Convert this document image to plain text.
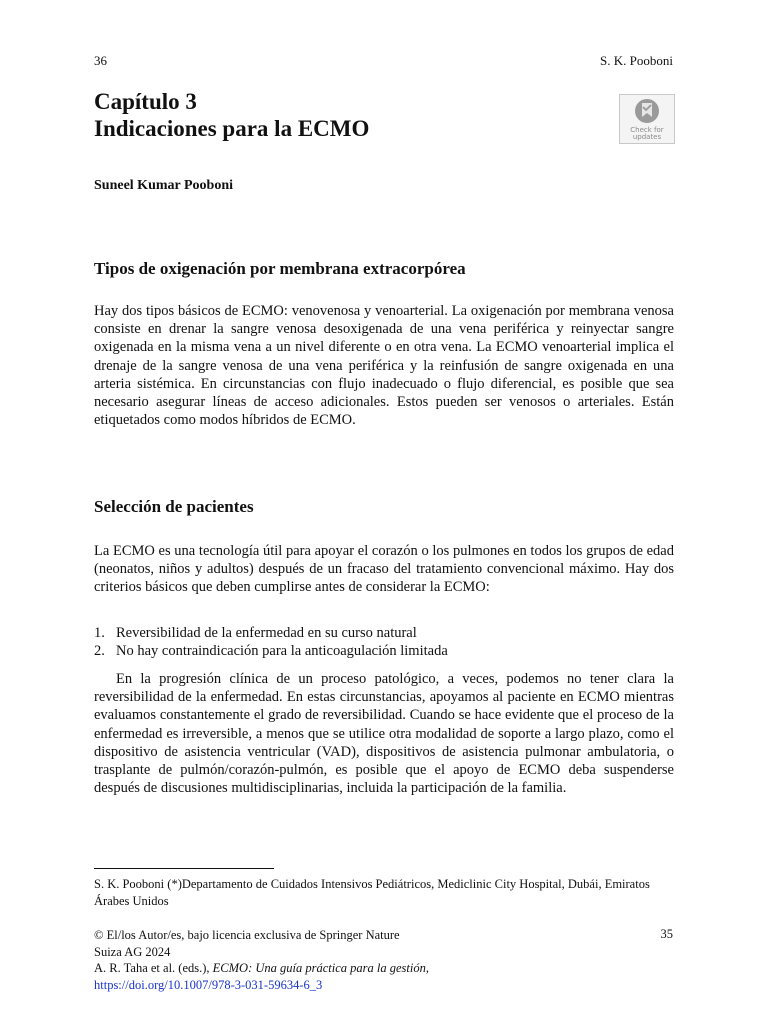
36	S. K. Pooboni
Capítulo 3
Indicaciones para la ECMO	Check for
updates
Suneel Kumar Pooboni
Tipos de oxigenación por membrana extracorpórea

Hay dos tipos básicos de ECMO: venovenosa y venoarterial. La oxigenación por membrana venosa consiste en drenar la sangre venosa desoxigenada de una vena periférica y reinyectar sangre oxigenada en la misma vena a un nivel diferente o en otra vena. La ECMO venoarterial implica el drenaje de la sangre venosa de una vena periférica y la reinfusión de sangre oxigenada en una arteria sistémica. En circunstancias con flujo inadecuado o flujo diferencial, es posible que sea necesario asegurar líneas de acceso adicionales. Estos pueden ser venosos o arteriales. Están etiquetados como modos híbridos de ECMO.

Selección de pacientes

La ECMO es una tecnología útil para apoyar el corazón o los pulmones en todos los grupos de edad (neonatos, niños y adultos) después de un fracaso del tratamiento convencional máximo. Hay dos criterios básicos que deben cumplirse antes de considerar la ECMO:

1. Reversibilidad de la enfermedad en su curso natural
2. No hay contraindicación para la anticoagulación limitada

En la progresión clínica de un proceso patológico, a veces, podemos no tener clara la reversibilidad de la enfermedad. En estas circunstancias, apoyamos al paciente en ECMO mientras evaluamos constantemente el grado de reversibilidad. Cuando se hace evidente que el proceso de la enfermedad es irreversible, a menos que se utilice otra modalidad de soporte a largo plazo, como el dispositivo de asistencia ventricular (VAD), dispositivos de asistencia pulmonar ambulatoria, o trasplante de pulmón/corazón-pulmón, es posible que el apoyo de ECMO deba suspenderse después de discusiones multidisciplinarias, incluida la participación de la familia.

S. K. Pooboni (*)Departamento de Cuidados Intensivos Pediátricos, Mediclinic City Hospital, Dubái, Emiratos Árabes Unidos
© El/los Autor/es, bajo licencia exclusiva de Springer Nature
Suiza AG 2024
A. R. Taha et al. (eds.), ECMO: Una guía práctica para la gestión,
https://doi.org/10.1007/978-3-031-59634-6_3
35
